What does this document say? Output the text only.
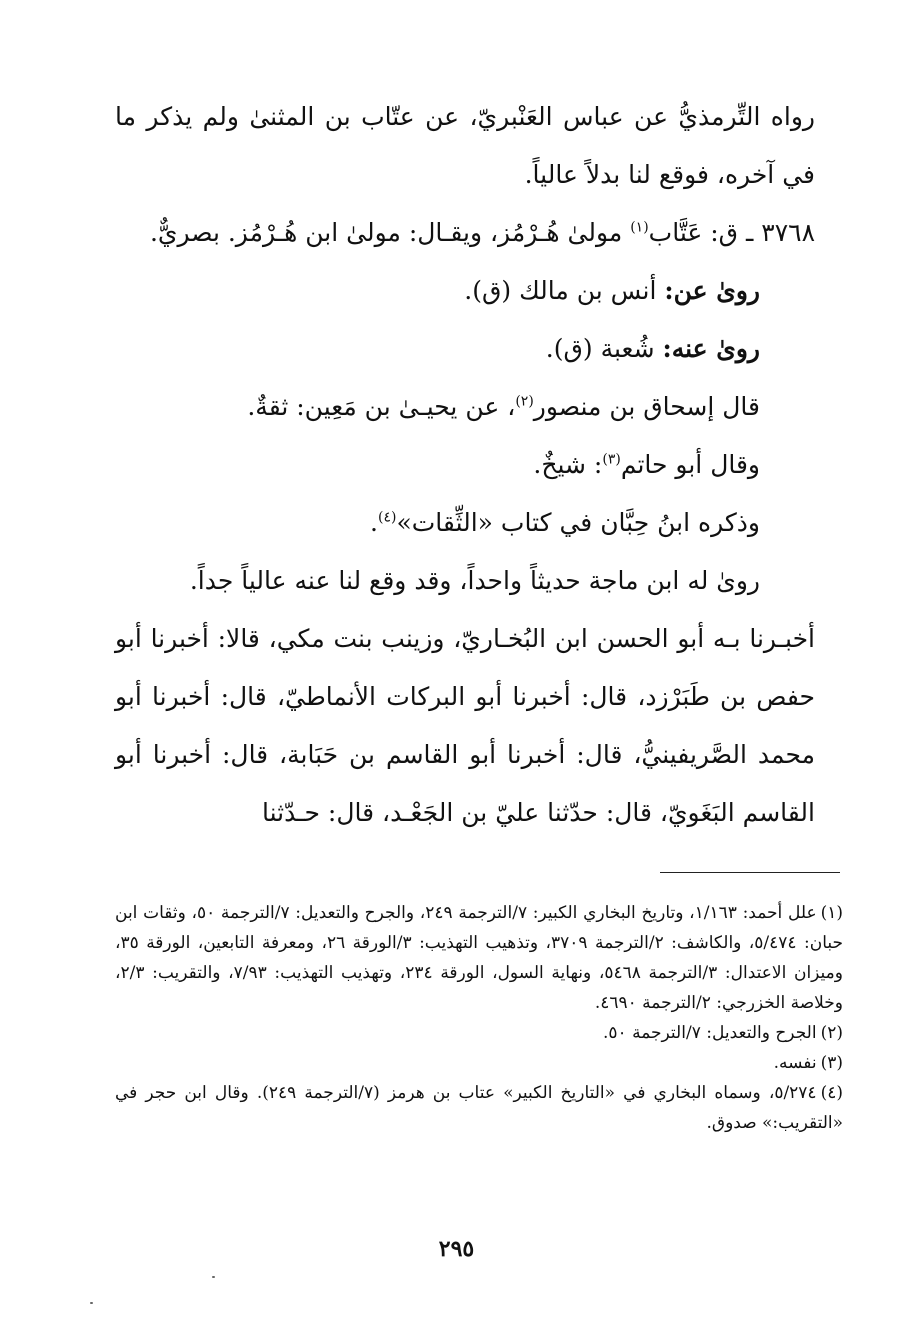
رواه التِّرمذيُّ عن عباس العَنْبريّ، عن عتّاب بن المثنىٰ ولم يذكر ما في آخره، فوقع لنا بدلاً عالياً.

٣٧٦٨ ـ ق: عَتَّاب$^{(١)}$ مولىٰ هُـرْمُز، ويقـال: مولىٰ ابن هُـرْمُز. بصريٌّ.

روىٰ عن: أنس بن مالك (ق).

روىٰ عنه: شُعبة (ق).

قال إسحاق بن منصور$^{(٢)}$، عن يحيـىٰ بن مَعِين: ثقةٌ.

وقال أبو حاتم$^{(٣)}$: شيخٌ.

وذكره ابنُ حِبَّان في كتاب «الثِّقات»$^{(٤)}$.

روىٰ له ابن ماجة حديثاً واحداً، وقد وقع لنا عنه عالياً جداً.

أخبـرنا بـه أبو الحسن ابن البُخـاريّ، وزينب بنت مكي، قالا: أخبرنا أبو حفص بن طَبَرْزد، قال: أخبرنا أبو البركات الأنماطيّ، قال: أخبرنا أبو محمد الصَّريفينيُّ، قال: أخبرنا أبو القاسم بن حَبَابة، قال: أخبرنا أبو القاسم البَغَويّ، قال: حدّثنا عليّ بن الجَعْـد، قال: حـدّثنا

(١)علل أحمد: ١/١٦٣، وتاريخ البخاري الكبير: ٧/الترجمة ٢٤٩، والجرح والتعديل: ٧/الترجمة ٥٠، وثقات ابن حبان: ٥/٤٧٤، والكاشف: ٢/الترجمة ٣٧٠٩، وتذهيب التهذيب: ٣/الورقة ٢٦، ومعرفة التابعين، الورقة ٣٥، وميزان الاعتدال: ٣/الترجمة ٥٤٦٨، ونهاية السول، الورقة ٢٣٤، وتهذيب التهذيب: ٧/٩٣، والتقريب: ٢/٣، وخلاصة الخزرجي: ٢/الترجمة ٤٦٩٠.

(٢)الجرح والتعديل: ٧/الترجمة ٥٠.

(٣)نفسه.

(٤)٥/٢٧٤، وسماه البخاري في «التاريخ الكبير» عتاب بن هرمز (٧/الترجمة ٢٤٩). وقال ابن حجر في «التقريب:» صدوق.

٢٩٥
